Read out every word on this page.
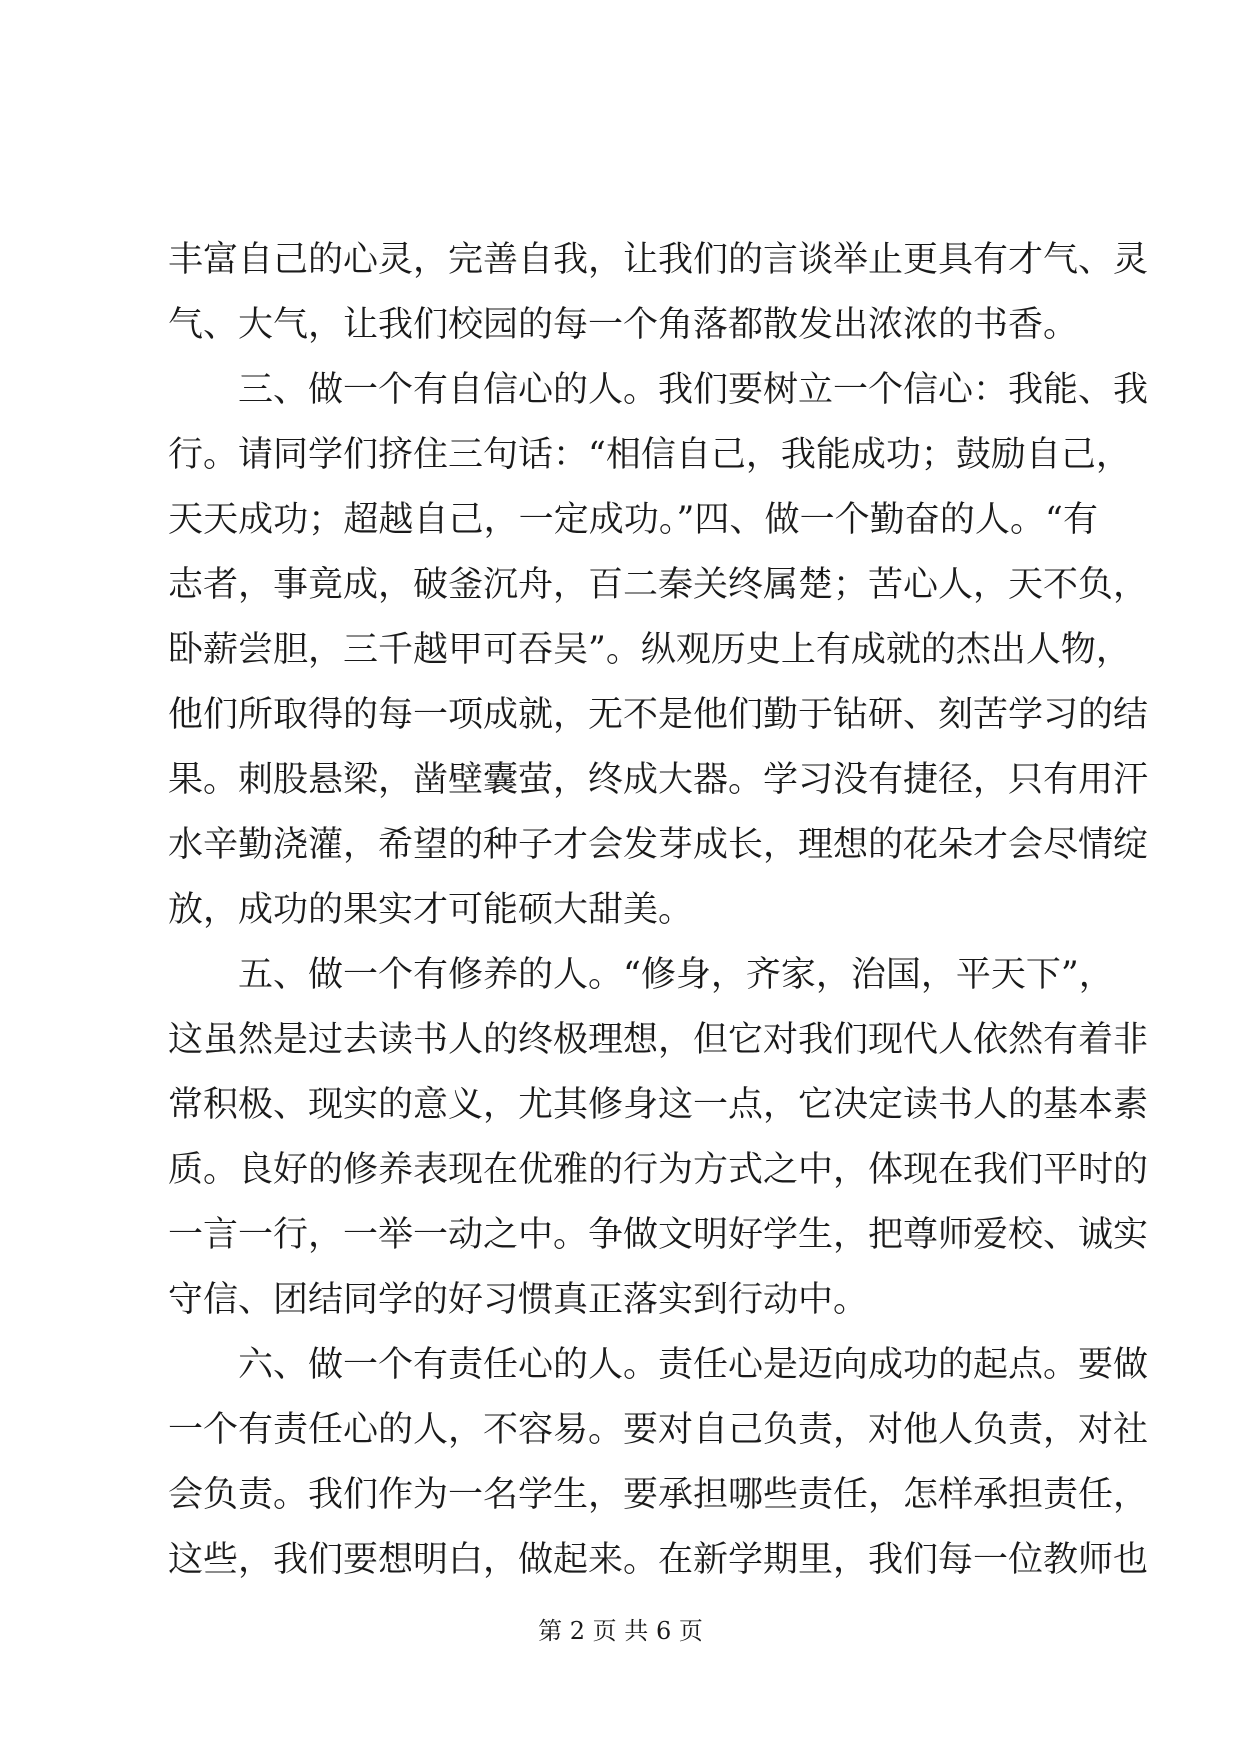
丰富自己的心灵，完善自我，让我们的言谈举止更具有才气、灵
气、大气，让我们校园的每一个角落都散发出浓浓的书香。
三、做一个有自信心的人。我们要树立一个信心：我能、我
行。请同学们挤住三句话：“相信自己，我能成功；鼓励自己，
天天成功；超越自己，一定成功。”四、做一个勤奋的人。“有
志者，事竟成，破釜沉舟，百二秦关终属楚；苦心人，天不负，
卧薪尝胆，三千越甲可吞吴”。纵观历史上有成就的杰出人物，
他们所取得的每一项成就，无不是他们勤于钻研、刻苦学习的结
果。刺股悬梁，凿壁囊萤，终成大器。学习没有捷径，只有用汗
水辛勤浇灌，希望的种子才会发芽成长，理想的花朵才会尽情绽
放，成功的果实才可能硕大甜美。
五、做一个有修养的人。“修身，齐家，治国，平天下”，
这虽然是过去读书人的终极理想，但它对我们现代人依然有着非
常积极、现实的意义，尤其修身这一点，它决定读书人的基本素
质。良好的修养表现在优雅的行为方式之中，体现在我们平时的
一言一行，一举一动之中。争做文明好学生，把尊师爱校、诚实
守信、团结同学的好习惯真正落实到行动中。
六、做一个有责任心的人。责任心是迈向成功的起点。要做
一个有责任心的人，不容易。要对自己负责，对他人负责，对社
会负责。我们作为一名学生，要承担哪些责任，怎样承担责任，
这些，我们要想明白，做起来。在新学期里，我们每一位教师也
第 2 页 共 6 页
